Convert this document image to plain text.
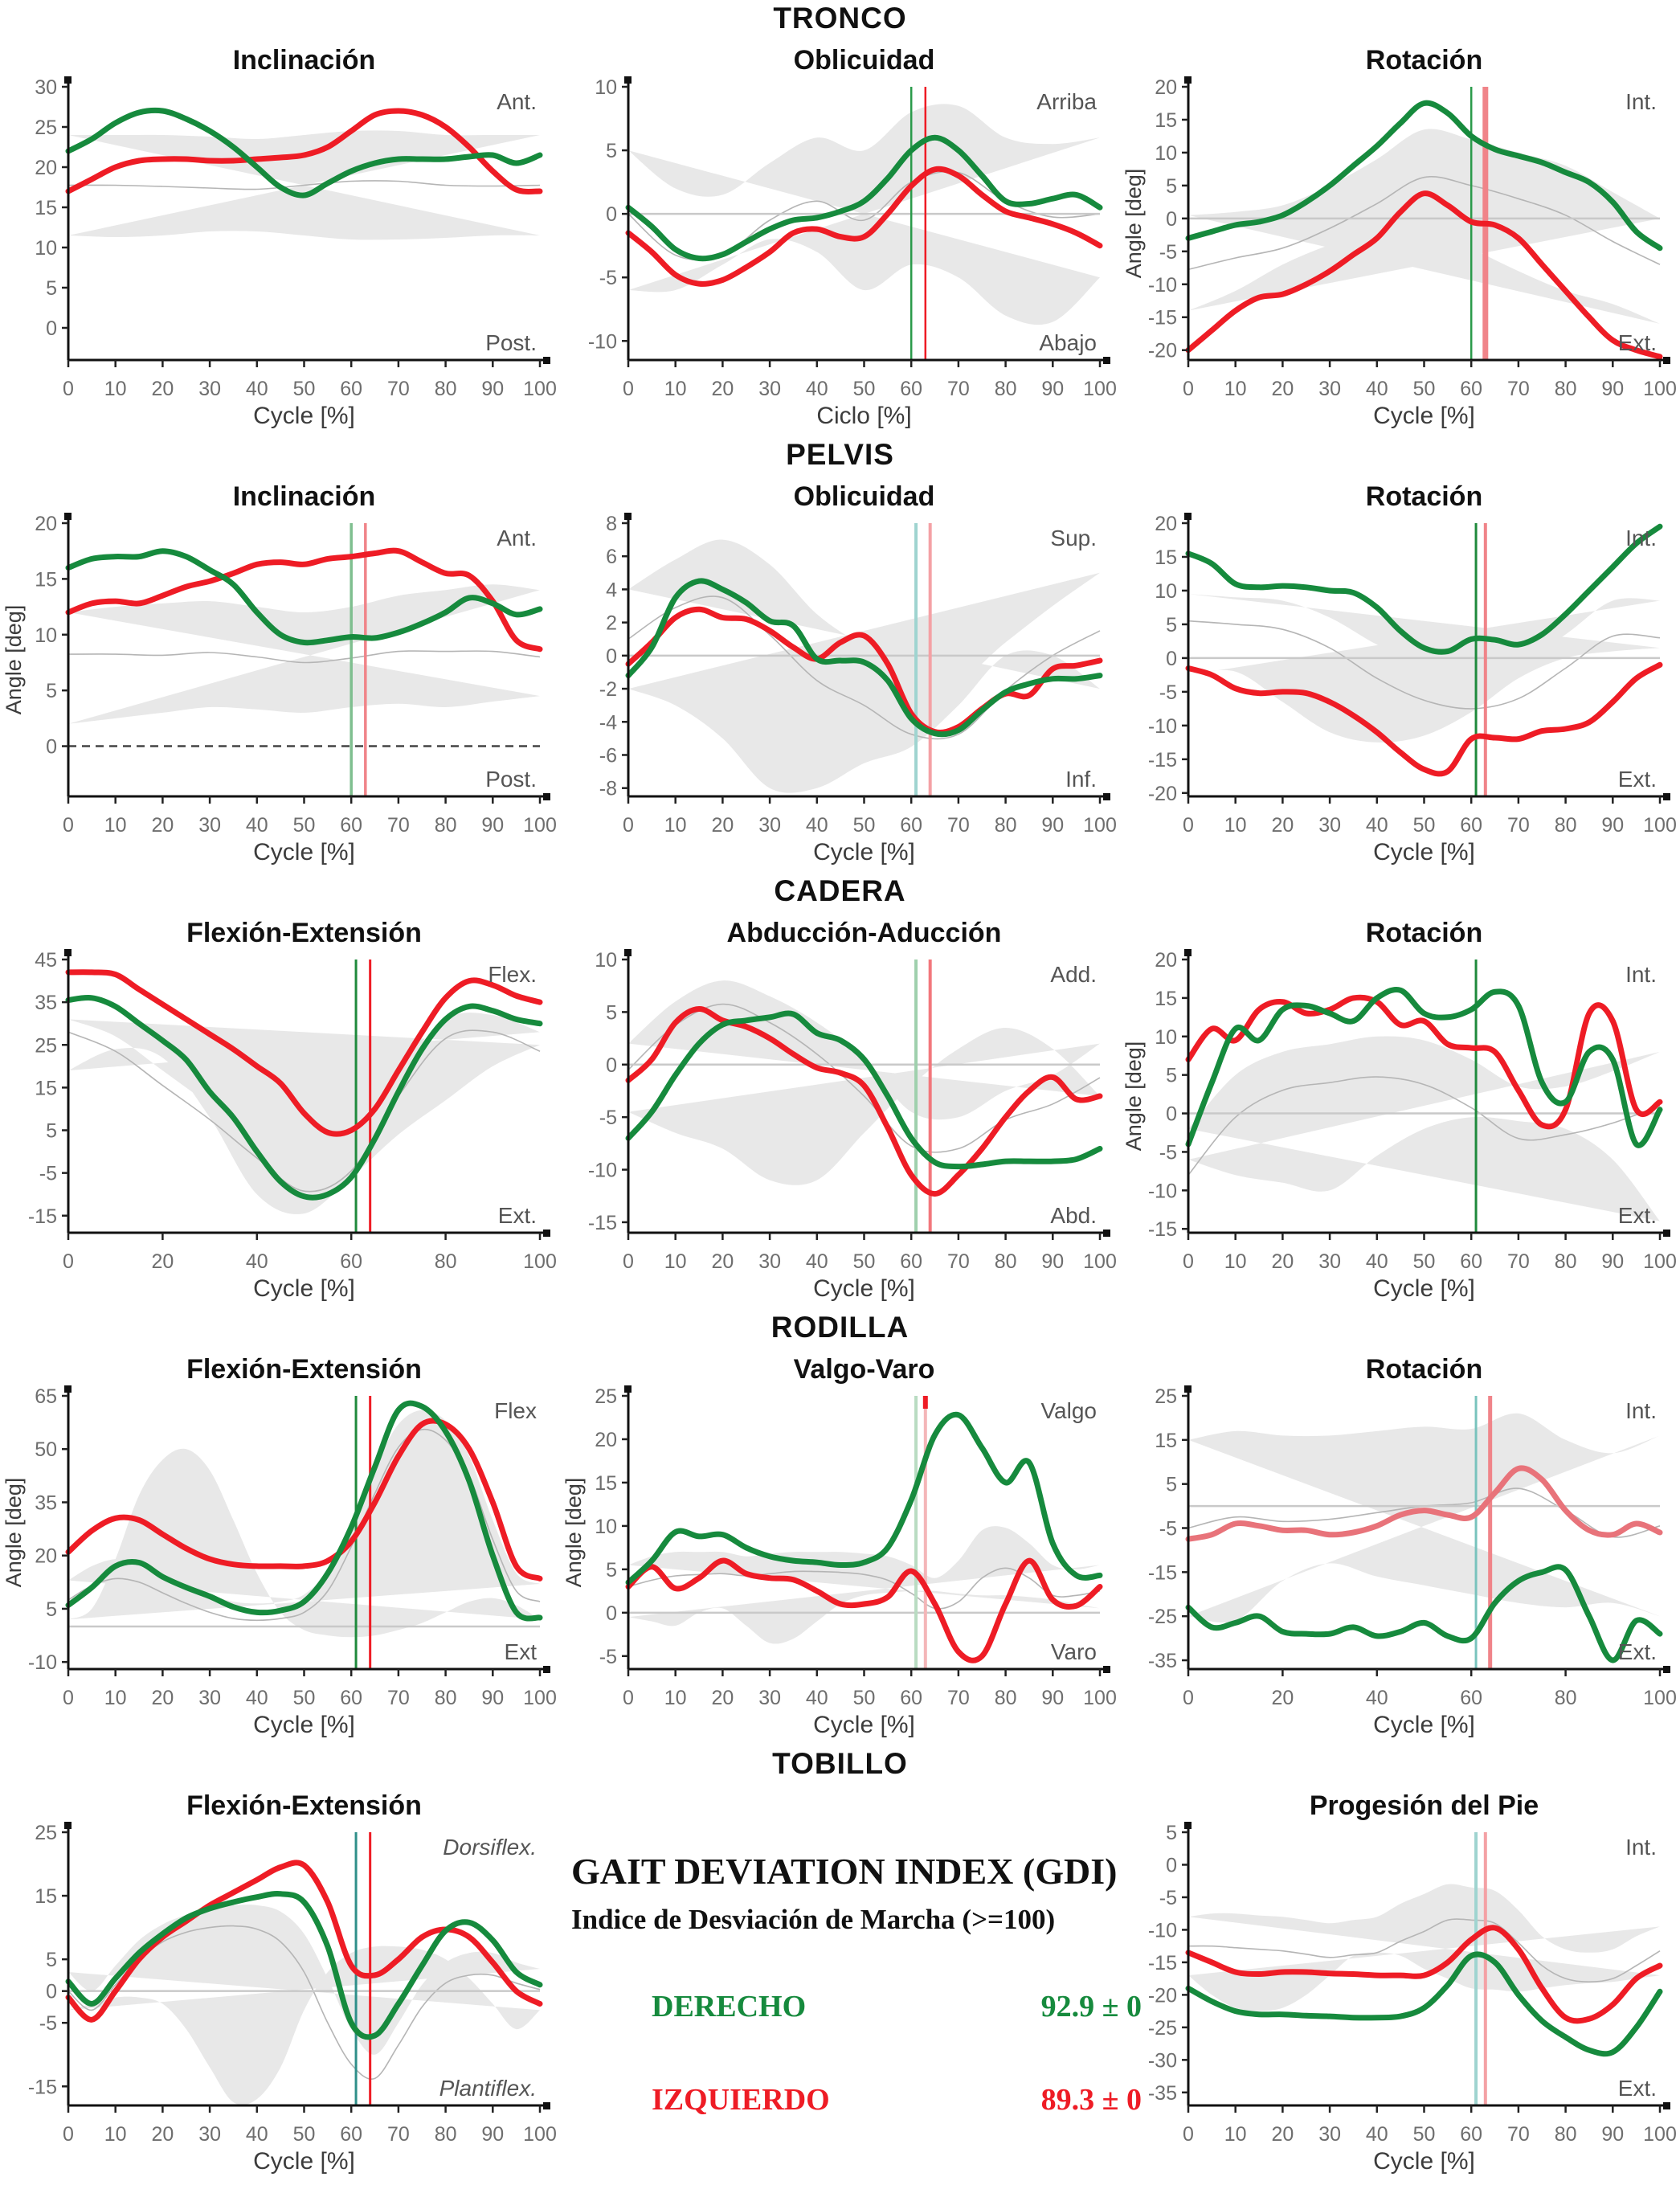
TRONCO
Inclinación
30
25
20
15
10
5
0
0 10 20 30 40 50 60 70 80 90 100
Cycle [%]
Ant.
Post.
Oblicuidad
10
5
0
-5
-10
0 10 20 30 40 50 60 70 80 90 100
Ciclo [%]
Arriba
Abajo
Rotación
20
15
10
5
0
-5
-10
-15
-20
0 10 20 30 40 50 60 70 80 90 100
Cycle [%]
Angle [deg]
Int.
Ext.
PELVIS
Inclinación
20
15
10
5
0
0 10 20 30 40 50 60 70 80 90 100
Cycle [%]
Angle [deg]
Ant.
Post.
Oblicuidad
8
6
4
2
0
-2
-4
-6
-8
0 10 20 30 40 50 60 70 80 90 100
Cycle [%]
Sup.
Inf.
Rotación
20
15
10
5
0
-5
-10
-15
-20
0 10 20 30 40 50 60 70 80 90 100
Cycle [%]
Int.
Ext.
CADERA
Flexión-Extensión
45
35
25
15
5
-5
-15
0	20	40	60	80	100
Cycle [%]
Flex.
Ext.
Abducción-Aducción
10
5
0
-5
-10
-15
0 10 20 30 40 50 60 70 80 90 100
Cycle [%]
Add.
Abd.
Rotación
20
15
10
5
0
-5
-10
-15
0 10 20 30 40 50 60 70 80 90 100
Cycle [%]
Angle [deg]
Int.
Ext.
RODILLA
Flexión-Extensión
65
50
35
20
5
-10
0 10 20 30 40 50 60 70 80 90 100
Cycle [%]
Angle [deg]
Flex
Ext
Valgo-Varo
25
20
15
10
5
0
-5
0 10 20 30 40 50 60 70 80 90 100
Cycle [%]
Angle [deg]
Valgo
Varo
Rotación
25
15
5
-5
-15
-25
-35
0	20	40	60	80	100
Cycle [%]
Int.
Ext.
TOBILLO
Flexión-Extensión
25
15
5
0
-5
-15
0 10 20 30 40 50 60 70 80 90 100
Cycle [%]
Dorsiflex.
Plantiflex.
GAIT DEVIATION INDEX (GDI)
Indice de Desviación de Marcha (>=100)
DERECHO	92.9 ± 0
IZQUIERDO	89.3 ± 0
Progesión del Pie
5
0
-5
-10
-15
-20
-25
-30
-35
0 10 20 30 40 50 60 70 80 90 100
Cycle [%]
Int.
Ext.
